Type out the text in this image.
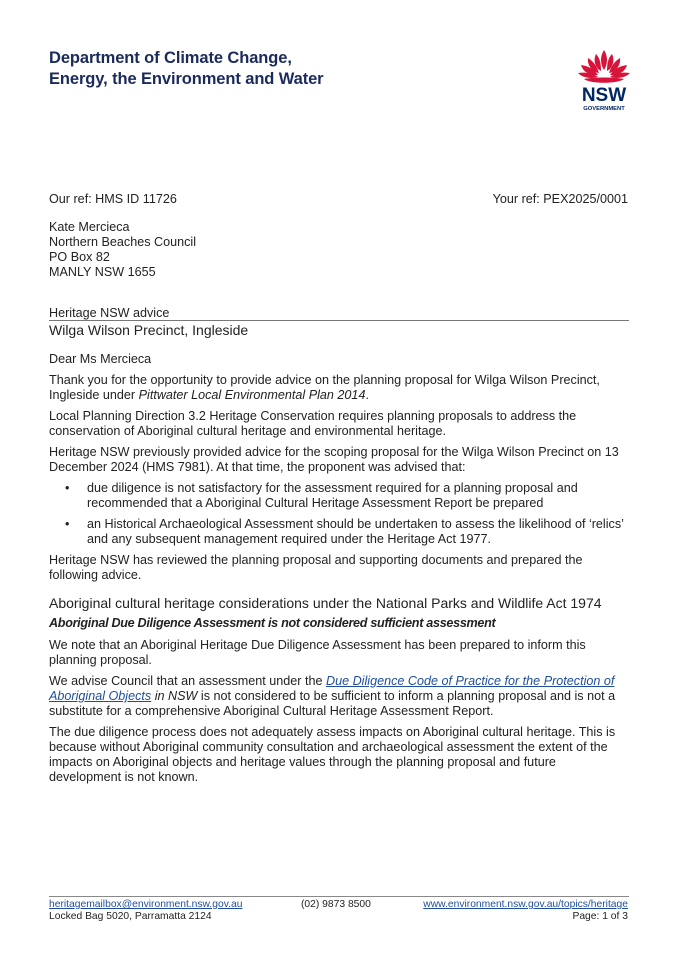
Department of Climate Change,
Energy, the Environment and Water
NSW
GOVERNMENT
Our ref: HMS ID 11726	Your ref: PEX2025/0001
Kate Mercieca
Northern Beaches Council
PO Box 82
MANLY NSW 1655
Heritage NSW advice
Wilga Wilson Precinct, Ingleside

Dear Ms Mercieca

Thank you for the opportunity to provide advice on the planning proposal for Wilga Wilson Precinct, Ingleside under Pittwater Local Environmental Plan 2014.

Local Planning Direction 3.2 Heritage Conservation requires planning proposals to address the conservation of Aboriginal cultural heritage and environmental heritage.

Heritage NSW previously provided advice for the scoping proposal for the Wilga Wilson Precinct on 13 December 2024 (HMS 7981). At that time, the proponent was advised that:

• due diligence is not satisfactory for the assessment required for a planning proposal and recommended that a Aboriginal Cultural Heritage Assessment Report be prepared
• an Historical Archaeological Assessment should be undertaken to assess the likelihood of ‘relics’ and any subsequent management required under the Heritage Act 1977.

Heritage NSW has reviewed the planning proposal and supporting documents and prepared the following advice.

Aboriginal cultural heritage considerations under the National Parks and Wildlife Act 1974
Aboriginal Due Diligence Assessment is not considered sufficient assessment

We note that an Aboriginal Heritage Due Diligence Assessment has been prepared to inform this planning proposal.

We advise Council that an assessment under the Due Diligence Code of Practice for the Protection of Aboriginal Objects in NSW is not considered to be sufficient to inform a planning proposal and is not a substitute for a comprehensive Aboriginal Cultural Heritage Assessment Report.

The due diligence process does not adequately assess impacts on Aboriginal cultural heritage. This is because without Aboriginal community consultation and archaeological assessment the extent of the impacts on Aboriginal objects and heritage values through the planning proposal and future development is not known.

heritagemailbox@environment.nsw.gov.au
Locked Bag 5020, Parramatta 2124
(02) 9873 8500	www.environment.nsw.gov.au/topics/heritage
Page: 1 of 3
